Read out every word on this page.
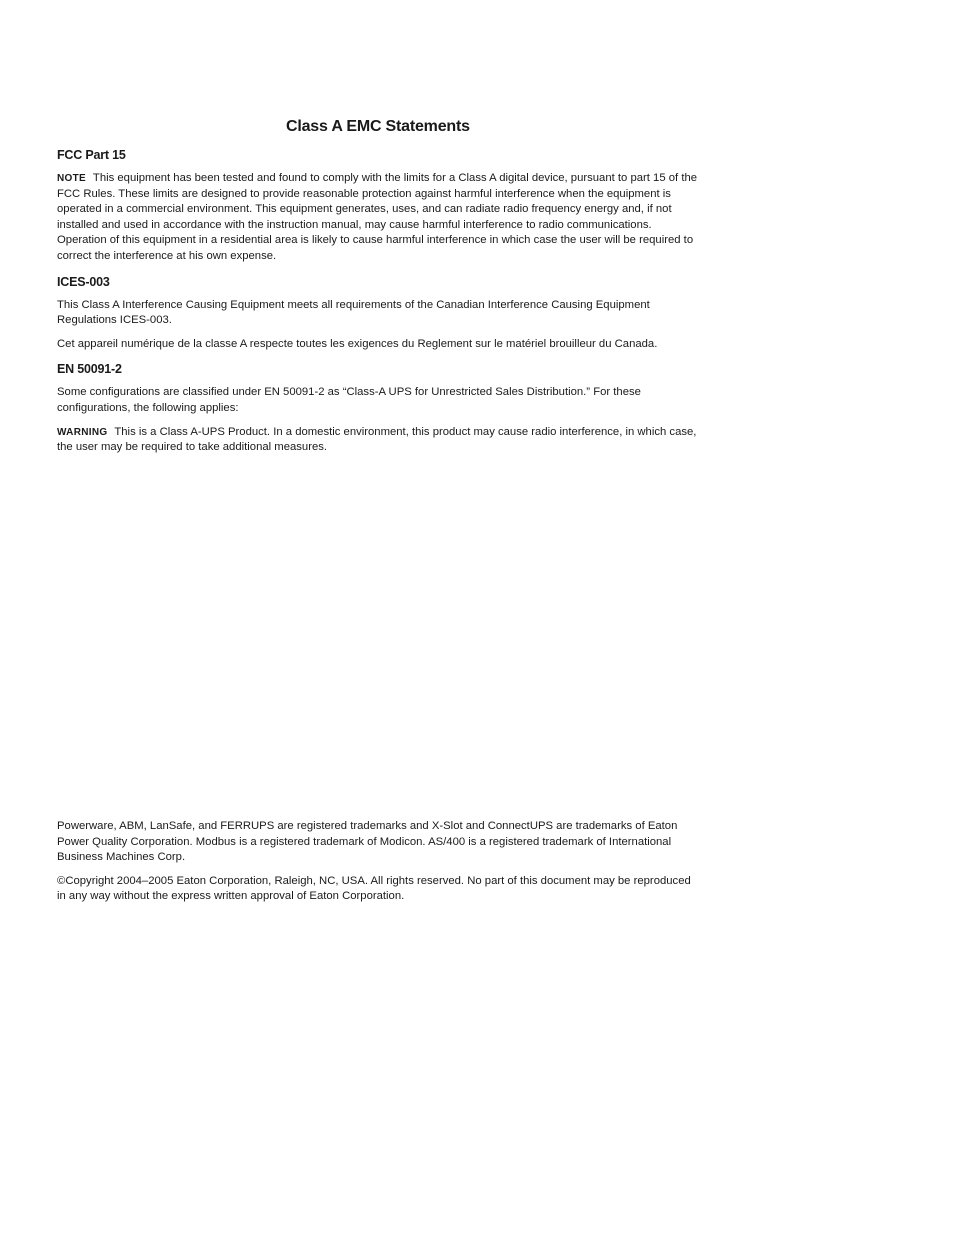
Class A EMC Statements
FCC Part 15

NOTE This equipment has been tested and found to comply with the limits for a Class A digital device, pursuant to part 15 of the FCC Rules. These limits are designed to provide reasonable protection against harmful interference when the equipment is operated in a commercial environment. This equipment generates, uses, and can radiate radio frequency energy and, if not installed and used in accordance with the instruction manual, may cause harmful interference to radio communications. Operation of this equipment in a residential area is likely to cause harmful interference in which case the user will be required to correct the interference at his own expense.

ICES-003

This Class A Interference Causing Equipment meets all requirements of the Canadian Interference Causing Equipment Regulations ICES-003.

Cet appareil numérique de la classe A respecte toutes les exigences du Reglement sur le matériel brouilleur du Canada.

EN 50091-2

Some configurations are classified under EN 50091-2 as “Class-A UPS for Unrestricted Sales Distribution.” For these configurations, the following applies:

WARNING This is a Class A-UPS Product. In a domestic environment, this product may cause radio interference, in which case, the user may be required to take additional measures.

Powerware, ABM, LanSafe, and FERRUPS are registered trademarks and X-Slot and ConnectUPS are trademarks of Eaton Power Quality Corporation. Modbus is a registered trademark of Modicon. AS/400 is a registered trademark of International Business Machines Corp.

©Copyright 2004–2005 Eaton Corporation, Raleigh, NC, USA. All rights reserved. No part of this document may be reproduced in any way without the express written approval of Eaton Corporation.
